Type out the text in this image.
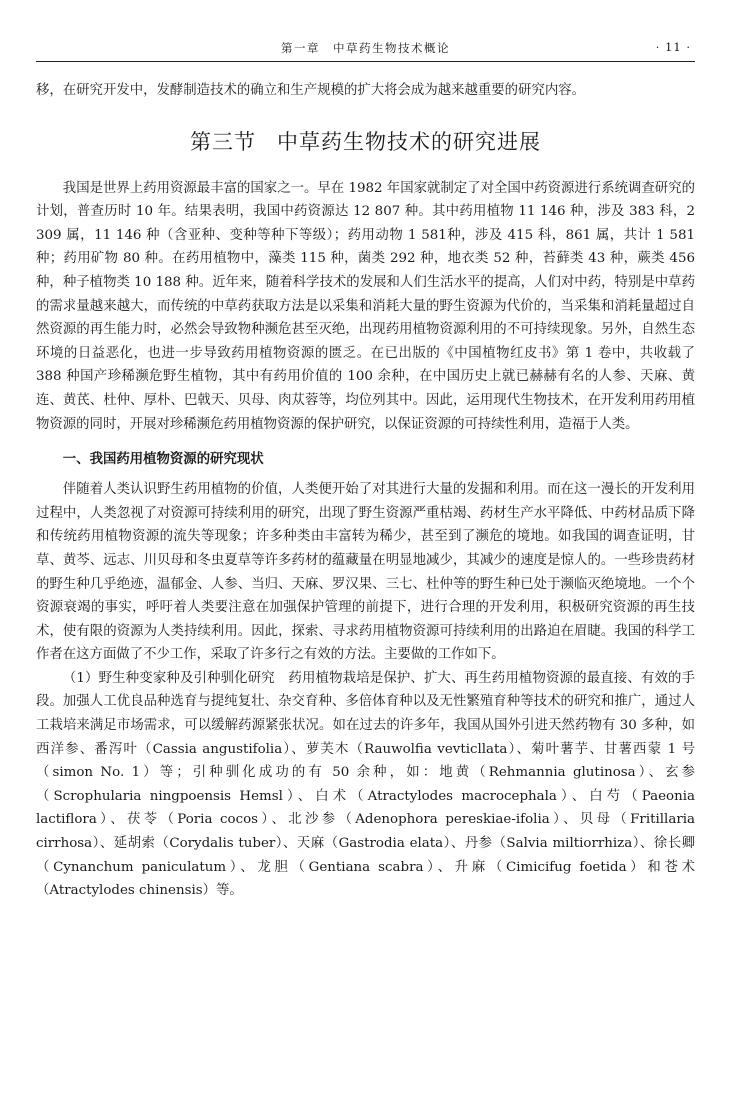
第一章　中草药生物技术概论	· 11 ·

移，在研究开发中，发酵制造技术的确立和生产规模的扩大将会成为越来越重要的研究内容。

第三节 中草药生物技术的研究进展

我国是世界上药用资源最丰富的国家之一。早在 1982 年国家就制定了对全国中药资源进行系统调查研究的计划，普查历时 10 年。结果表明，我国中药资源达 12 807 种。其中药用植物 11 146 种，涉及 383 科，2 309 属，11 146 种（含亚种、变种等种下等级）；药用动物 1 581种，涉及 415 科，861 属，共计 1 581 种；药用矿物 80 种。在药用植物中，藻类 115 种，菌类 292 种，地衣类 52 种，苔藓类 43 种，蕨类 456 种，种子植物类 10 188 种。近年来，随着科学技术的发展和人们生活水平的提高，人们对中药，特别是中草药的需求量越来越大，而传统的中草药获取方法是以采集和消耗大量的野生资源为代价的，当采集和消耗量超过自然资源的再生能力时，必然会导致物种濒危甚至灭绝，出现药用植物资源利用的不可持续现象。另外，自然生态环境的日益恶化，也进一步导致药用植物资源的匮乏。在已出版的《中国植物红皮书》第 1 卷中，共收载了 388 种国产珍稀濒危野生植物，其中有药用价值的 100 余种，在中国历史上就已赫赫有名的人参、天麻、黄连、黄芪、杜仲、厚朴、巴戟天、贝母、肉苁蓉等，均位列其中。因此，运用现代生物技术，在开发利用药用植物资源的同时，开展对珍稀濒危药用植物资源的保护研究，以保证资源的可持续性利用，造福于人类。

一、我国药用植物资源的研究现状

伴随着人类认识野生药用植物的价值，人类便开始了对其进行大量的发掘和利用。而在这一漫长的开发利用过程中，人类忽视了对资源可持续利用的研究，出现了野生资源严重枯竭、药材生产水平降低、中药材品质下降和传统药用植物资源的流失等现象；许多种类由丰富转为稀少，甚至到了濒危的境地。如我国的调查证明，甘草、黄芩、远志、川贝母和冬虫夏草等许多药材的蕴藏量在明显地减少，其减少的速度是惊人的。一些珍贵药材的野生种几乎绝迹，温郁金、人参、当归、天麻、罗汉果、三七、杜仲等的野生种已处于濒临灭绝境地。一个个资源衰竭的事实，呼吁着人类要注意在加强保护管理的前提下，进行合理的开发利用，积极研究资源的再生技术，使有限的资源为人类持续利用。因此，探索、寻求药用植物资源可持续利用的出路迫在眉睫。我国的科学工作者在这方面做了不少工作，采取了许多行之有效的方法。主要做的工作如下。

（1）野生种变家种及引种驯化研究　药用植物栽培是保护、扩大、再生药用植物资源的最直接、有效的手段。加强人工优良品种选育与提纯复壮、杂交育种、多倍体育种以及无性繁殖育种等技术的研究和推广，通过人工栽培来满足市场需求，可以缓解药源紧张状况。如在过去的许多年，我国从国外引进天然药物有 30 多种，如西洋参、番泻叶（Cassia angustifolia）、萝芙木（Rauwolfia vevticllata）、菊叶薯芋、甘薯西蒙 1 号（simon No. 1）等；引种驯化成功的有 50 余种，如：地黄（Rehmannia glutinosa）、玄参（Scrophularia ningpoensis Hemsl）、白术（Atractylodes macrocephala）、白芍（Paeonia lactiflora）、茯苓（Poria cocos）、北沙参（Adenophora pereskiae-ifolia）、贝母（Fritillaria cirrhosa）、延胡索（Corydalis tuber）、天麻（Gastrodia elata）、丹参（Salvia miltiorrhiza）、徐长卿（Cynanchum paniculatum）、龙胆（Gentiana scabra）、升麻（Cimicifug foetida）和苍术（Atractylodes chinensis）等。
